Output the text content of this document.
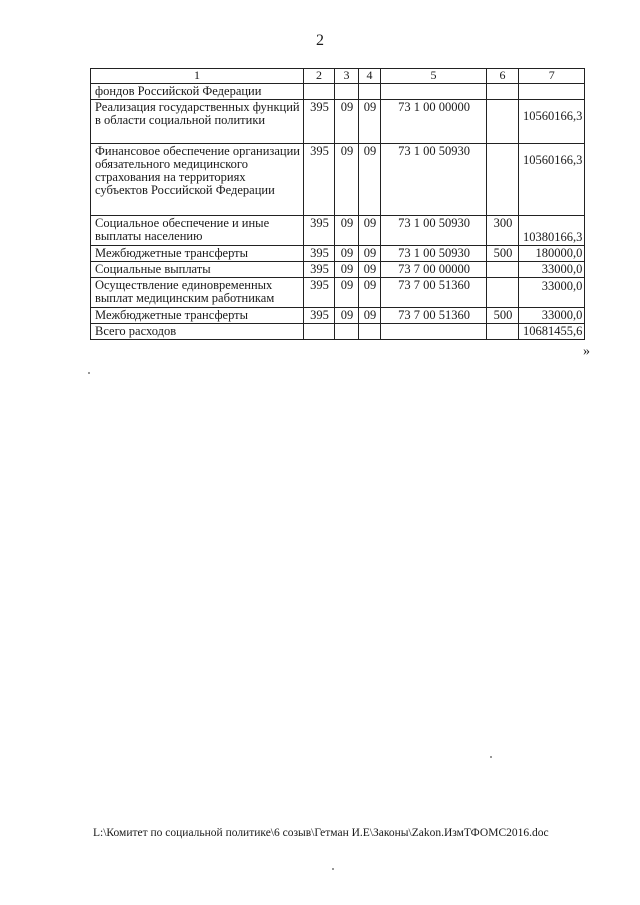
2
1	2	3	4	5	6	7
фондов Российской Федерации						
Реализация государственных функций в области социальной политики	395	09	09	73 1 00 00000		10560166,3
Финансовое обеспечение организации обязательного медицинского страхования на территориях субъектов Российской Федерации	395	09	09	73 1 00 50930		10560166,3
Социальное обеспечение и иные выплаты населению	395	09	09	73 1 00 50930	300	10380166,3
Межбюджетные трансферты	395	09	09	73 1 00 50930	500	180000,0
Социальные выплаты	395	09	09	73 7 00 00000		33000,0
Осуществление единовременных выплат медицинским работникам	395	09	09	73 7 00 51360		33000,0
Межбюджетные трансферты	395	09	09	73 7 00 51360	500	33000,0
Всего расходов						10681455,6
»
L:\Комитет по социальной политике\6 созыв\Гетман И.Е\Законы\Zakon.ИзмТФОМС2016.doc
